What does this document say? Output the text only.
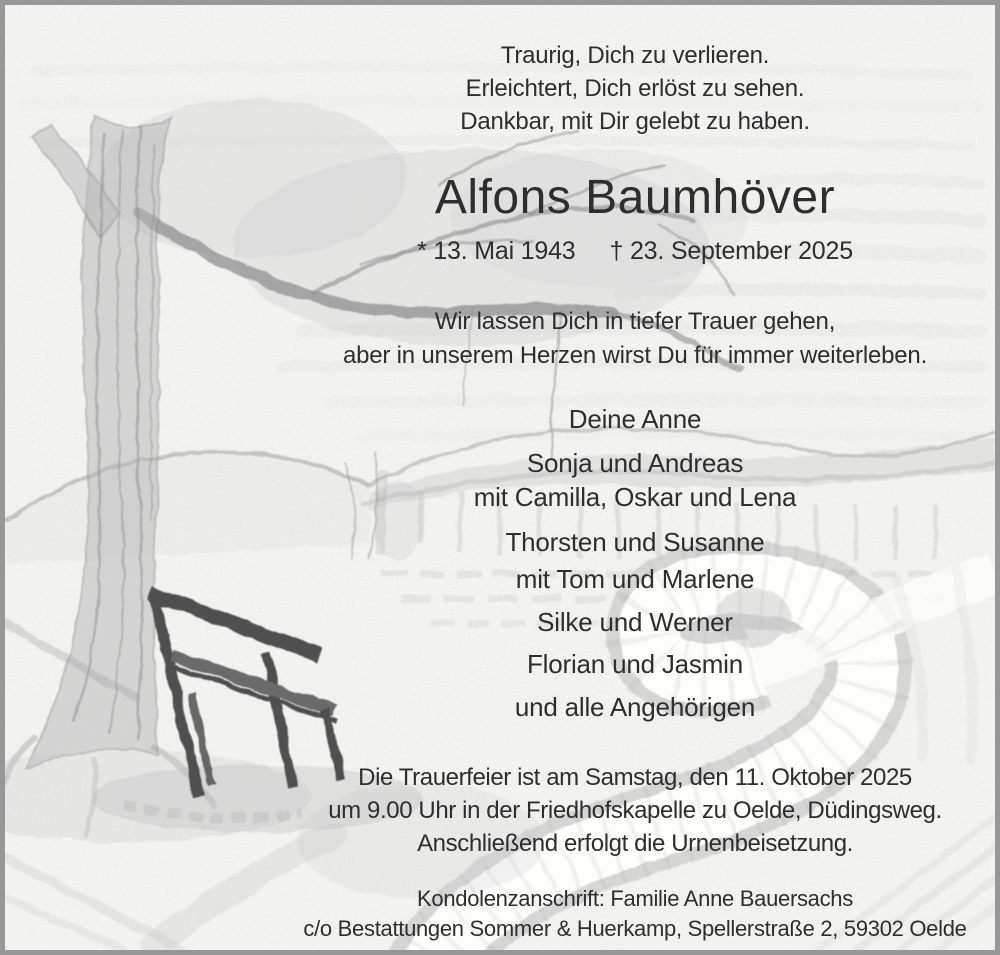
Traurig, Dich zu verlieren.
Erleichtert, Dich erlöst zu sehen.
Dankbar, mit Dir gelebt zu haben.
Alfons Baumhöver
* 13. Mai 1943 † 23. September 2025
Wir lassen Dich in tiefer Trauer gehen,
aber in unserem Herzen wirst Du für immer weiterleben.
Deine Anne
Sonja und Andreas
mit Camilla, Oskar und Lena
Thorsten und Susanne
mit Tom und Marlene
Silke und Werner
Florian und Jasmin
und alle Angehörigen
Die Trauerfeier ist am Samstag, den 11. Oktober 2025
um 9.00 Uhr in der Friedhofskapelle zu Oelde, Düdingsweg.
Anschließend erfolgt die Urnenbeisetzung.
Kondolenzanschrift: Familie Anne Bauersachs
c/o Bestattungen Sommer & Huerkamp, Spellerstraße 2, 59302 Oelde
